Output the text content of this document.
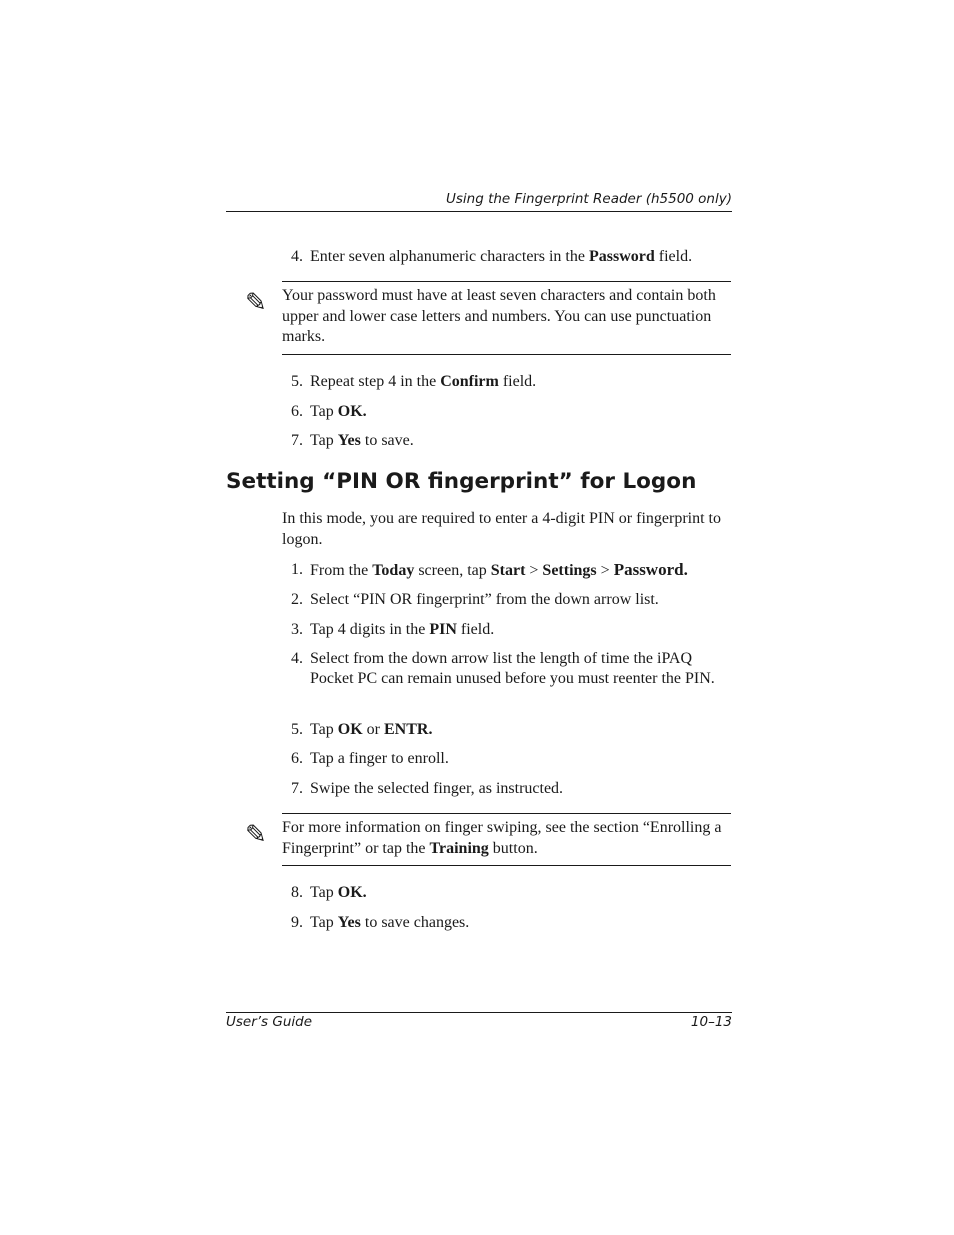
Using the Fingerprint Reader (h5500 only)
4. Enter seven alphanumeric characters in the Password field.
✎ Your password must have at least seven characters and contain both upper and lower case letters and numbers. You can use punctuation marks.
5. Repeat step 4 in the Confirm field.
6. Tap OK.
7. Tap Yes to save.
Setting “PIN OR fingerprint” for Logon
In this mode, you are required to enter a 4-digit PIN or fingerprint to logon.
1. From the Today screen, tap Start > Settings > Password.
2. Select “PIN OR fingerprint” from the down arrow list.
3. Tap 4 digits in the PIN field.
4. Select from the down arrow list the length of time the iPAQ Pocket PC can remain unused before you must reenter the PIN.
5. Tap OK or ENTR.
6. Tap a finger to enroll.
7. Swipe the selected finger, as instructed.
✎ For more information on finger swiping, see the section “Enrolling a Fingerprint” or tap the Training button.
8. Tap OK.
9. Tap Yes to save changes.
User’s Guide	10–13
